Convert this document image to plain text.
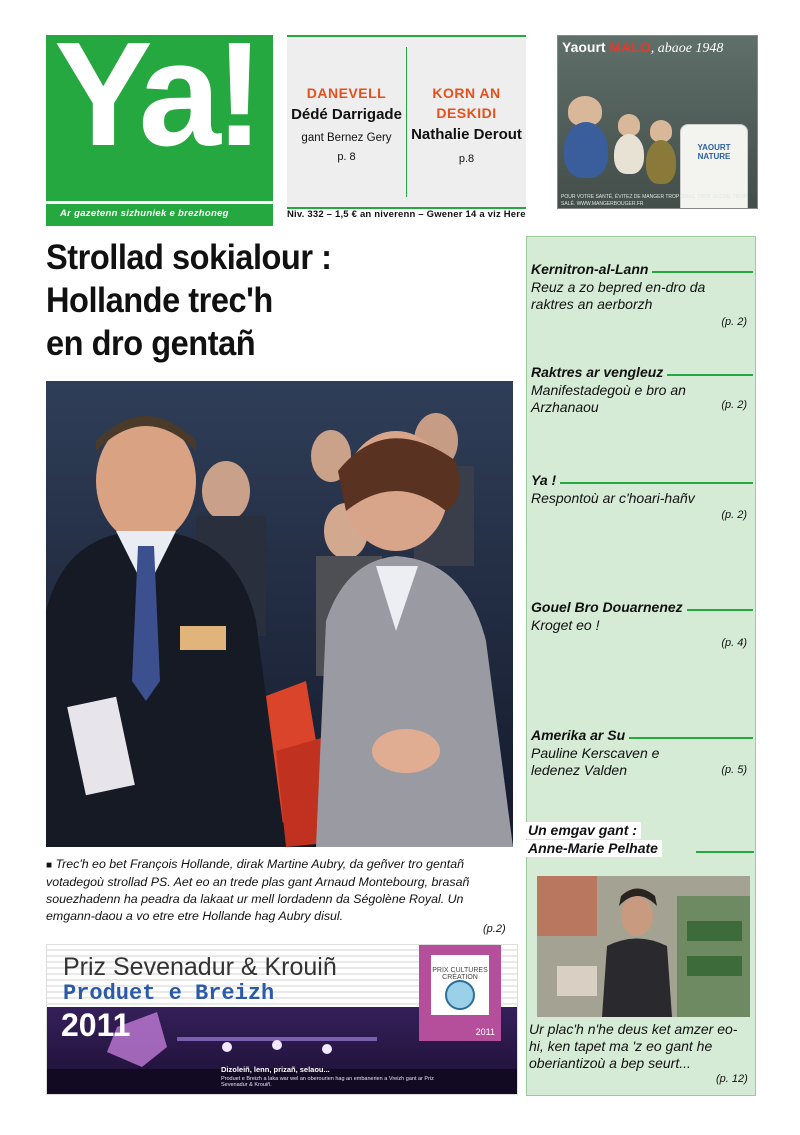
Ya!
Ar gazetenn sizhuniek e brezhoneg
DANEVELL
Dédé Darrigade
gant Bernez Gery
p. 8
KORN AN
DESKIDI
Nathalie Derout
p.8
Niv. 332 – 1,5 € an niverenn – Gwener 14 a viz Here
Yaourt MALO, abaoe 1948
YAOURT NATURE
POUR VOTRE SANTÉ, ÉVITEZ DE MANGER TROP GRAS, TROP SUCRÉ, TROP SALÉ. WWW.MANGERBOUGER.FR
Strollad sokialour :
Hollande trec'h
en dro gentañ
■ Trec'h eo bet François Hollande, dirak Martine Aubry, da geñver tro gentañ votadegoù strollad PS. Aet eo an trede plas gant Arnaud Montebourg, brasañ souezhadenn ha peadra da lakaat ur mell lordadenn da Ségolène Royal. Un emgann-daou a vo etre etre Hollande hag Aubry disul.
(p.2)
Priz Sevenadur & Krouiñ
Produet e Breizh
2011
PRIX CULTURES CRÉATION
2011
Dizoleiñ, lenn, prizañ, selaou...
Produet e Breizh a laka war wel an oberourien hag an embanerien a Vreizh gant ar Priz Sevenadur & Krouiñ.
Kernitron-al-Lann
Reuz a zo bepred en-dro da raktres an aerborzh
(p. 2)
Raktres ar vengleuz
Manifestadegoù e bro an Arzhanaou	(p. 2)
Ya !
Respontoù ar c'hoari-hañv
(p. 2)
Gouel Bro Douarnenez
Kroget eo !
(p. 4)
Amerika ar Su
Pauline Kerscaven e ledenez Valden	(p. 5)
Un emgav gant :
Anne-Marie Pelhate
Ur plac'h n'he deus ket amzer eo-hi, ken tapet ma 'z eo gant he oberiantizoù a bep seurt...
(p. 12)
